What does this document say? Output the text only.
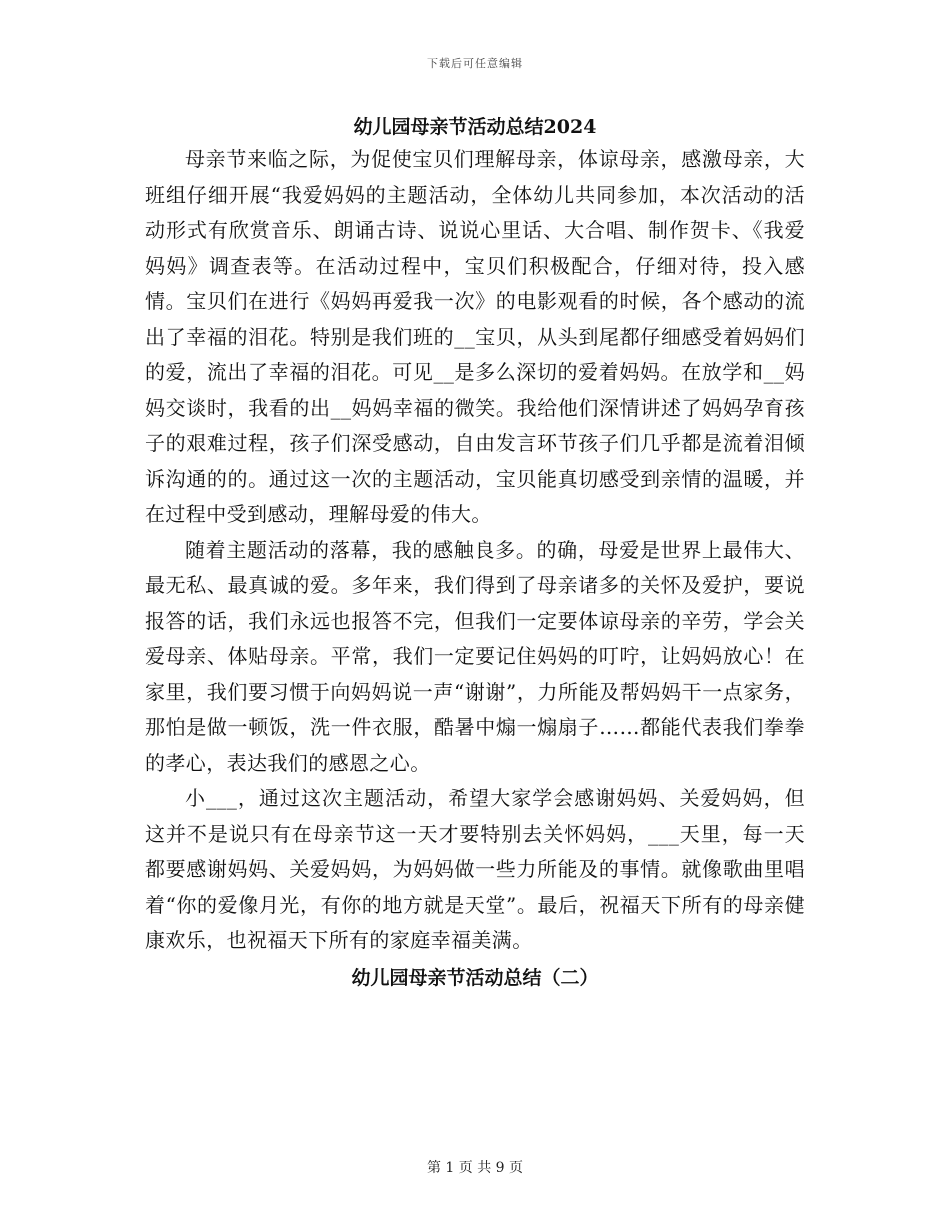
下载后可任意编辑
幼儿园母亲节活动总结2024

母亲节来临之际，为促使宝贝们理解母亲，体谅母亲，感激母亲，大班组仔细开展“我爱妈妈的主题活动，全体幼儿共同参加，本次活动的活动形式有欣赏音乐、朗诵古诗、说说心里话、大合唱、制作贺卡、《我爱妈妈》调查表等。在活动过程中，宝贝们积极配合，仔细对待，投入感情。宝贝们在进行《妈妈再爱我一次》的电影观看的时候，各个感动的流出了幸福的泪花。特别是我们班的__宝贝，从头到尾都仔细感受着妈妈们的爱，流出了幸福的泪花。可见__是多么深切的爱着妈妈。在放学和__妈妈交谈时，我看的出__妈妈幸福的微笑。我给他们深情讲述了妈妈孕育孩子的艰难过程，孩子们深受感动，自由发言环节孩子们几乎都是流着泪倾诉沟通的的。通过这一次的主题活动，宝贝能真切感受到亲情的温暖，并在过程中受到感动，理解母爱的伟大。

随着主题活动的落幕，我的感触良多。的确，母爱是世界上最伟大、最无私、最真诚的爱。多年来，我们得到了母亲诸多的关怀及爱护，要说报答的话，我们永远也报答不完，但我们一定要体谅母亲的辛劳，学会关爱母亲、体贴母亲。平常，我们一定要记住妈妈的叮咛，让妈妈放心！在家里，我们要习惯于向妈妈说一声“谢谢”，力所能及帮妈妈干一点家务，那怕是做一顿饭，洗一件衣服，酷暑中煽一煽扇子……都能代表我们拳拳的孝心，表达我们的感恩之心。

小___，通过这次主题活动，希望大家学会感谢妈妈、关爱妈妈，但这并不是说只有在母亲节这一天才要特别去关怀妈妈，___天里，每一天都要感谢妈妈、关爱妈妈，为妈妈做一些力所能及的事情。就像歌曲里唱着“你的爱像月光，有你的地方就是天堂”。最后，祝福天下所有的母亲健康欢乐，也祝福天下所有的家庭幸福美满。

幼儿园母亲节活动总结（二）
第 1 页 共 9 页
